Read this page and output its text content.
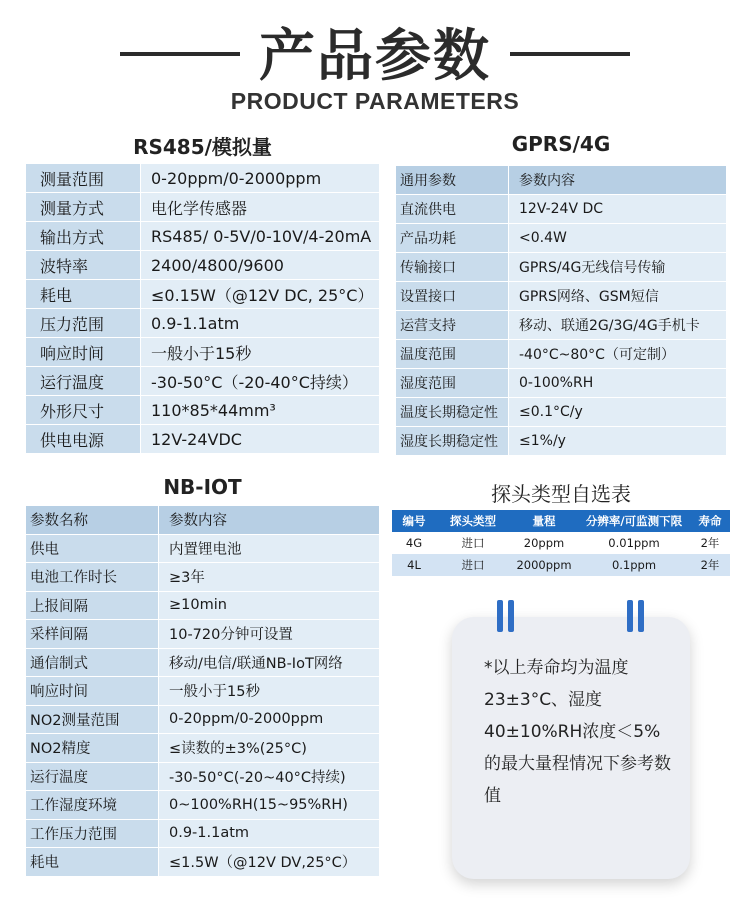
产品参数
PRODUCT PARAMETERS
RS485/模拟量
测量范围	0-20ppm/0-2000ppm
测量方式	电化学传感器
输出方式	RS485/ 0-5V/0-10V/4-20mA
波特率	2400/4800/9600
耗电	≤0.15W（@12V DC, 25°C）
压力范围	0.9-1.1atm
响应时间	一般小于15秒
运行温度	-30-50°C（-20-40°C持续）
外形尺寸	110*85*44mm³
供电电源	12V-24VDC
GPRS/4G
通用参数	参数内容
直流供电	12V-24V DC
产品功耗	<0.4W
传输接口	GPRS/4G无线信号传输
设置接口	GPRS网络、GSM短信
运营支持	移动、联通2G/3G/4G手机卡
温度范围	-40°C~80°C（可定制）
湿度范围	0-100%RH
温度长期稳定性	≤0.1°C/y
湿度长期稳定性	≤1%/y
NB-IOT
参数名称	参数内容
供电	内置锂电池
电池工作时长	≥3年
上报间隔	≥10min
采样间隔	10-720分钟可设置
通信制式	移动/电信/联通NB-IoT网络
响应时间	一般小于15秒
NO2测量范围	0-20ppm/0-2000ppm
NO2精度	≤读数的±3%(25°C)
运行温度	-30-50°C(-20~40°C持续)
工作湿度环境	0~100%RH(15~95%RH)
工作压力范围	0.9-1.1atm
耗电	≤1.5W（@12V DV,25°C）
探头类型自选表
编号	探头类型	量程	分辨率/可监测下限	寿命
4G	进口	20ppm	0.01ppm	2年
4L	进口	2000ppm	0.1ppm	2年
*以上寿命均为温度23±3°C、湿度40±10%RH浓度＜5%的最大量程情况下参考数值
